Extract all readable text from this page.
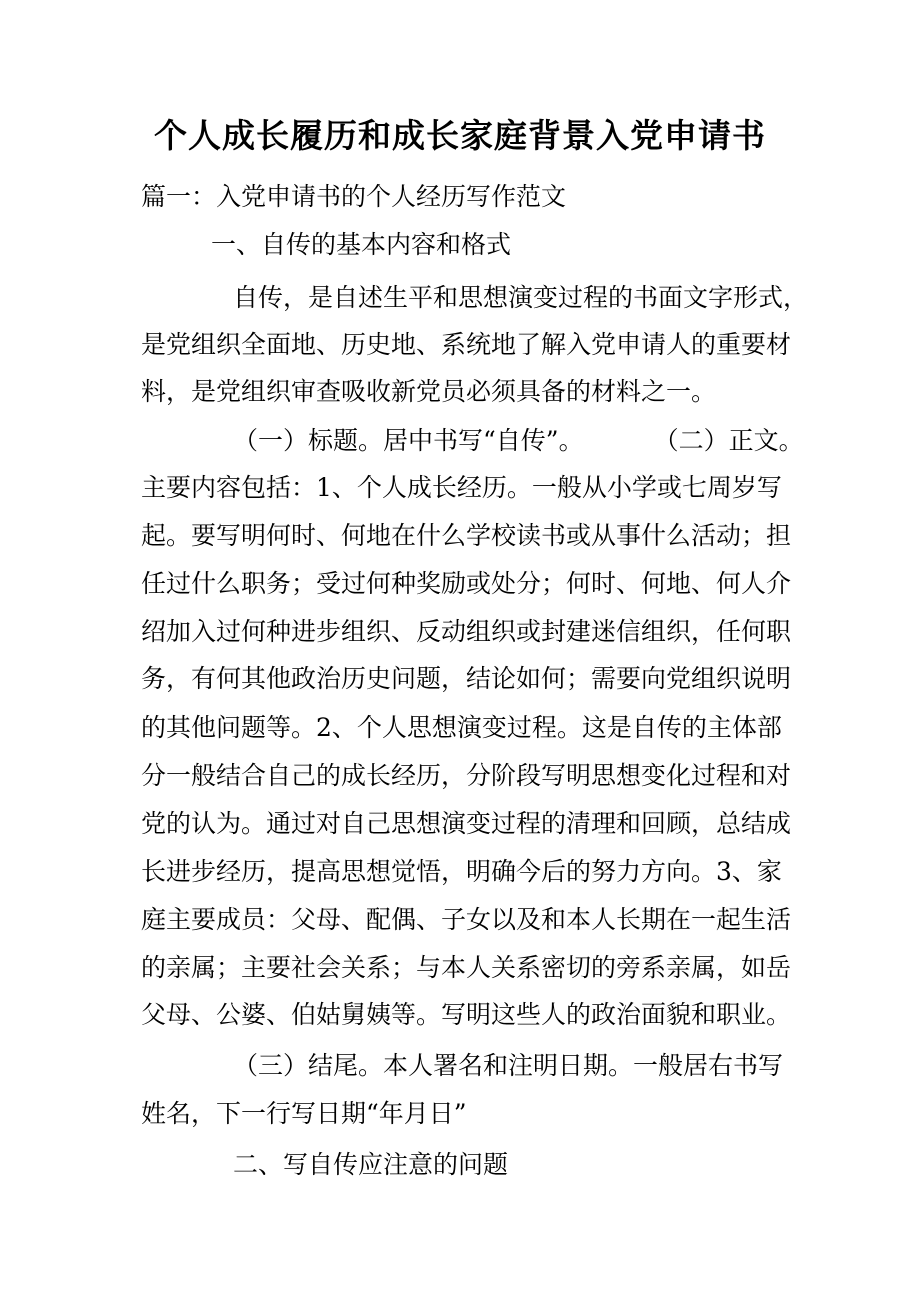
个人成长履历和成长家庭背景入党申请书

篇一：入党申请书的个人经历写作范文

一、自传的基本内容和格式

自传，是自述生平和思想演变过程的书面文字形式，

是党组织全面地、历史地、系统地了解入党申请人的重要材

料，是党组织审查吸收新党员必须具备的材料之一。

（一）标题。居中书写“自传”。	（二）正文。

主要内容包括：1、个人成长经历。一般从小学或七周岁写

起。要写明何时、何地在什么学校读书或从事什么活动；担

任过什么职务；受过何种奖励或处分；何时、何地、何人介

绍加入过何种进步组织、反动组织或封建迷信组织，任何职

务，有何其他政治历史问题，结论如何；需要向党组织说明

的其他问题等。2、个人思想演变过程。这是自传的主体部

分一般结合自己的成长经历，分阶段写明思想变化过程和对

党的认为。通过对自己思想演变过程的清理和回顾，总结成

长进步经历，提高思想觉悟，明确今后的努力方向。3、家

庭主要成员：父母、配偶、子女以及和本人长期在一起生活

的亲属；主要社会关系；与本人关系密切的旁系亲属，如岳

父母、公婆、伯姑舅姨等。写明这些人的政治面貌和职业。

（三）结尾。本人署名和注明日期。一般居右书写

姓名，下一行写日期“年月日”

二、写自传应注意的问题
